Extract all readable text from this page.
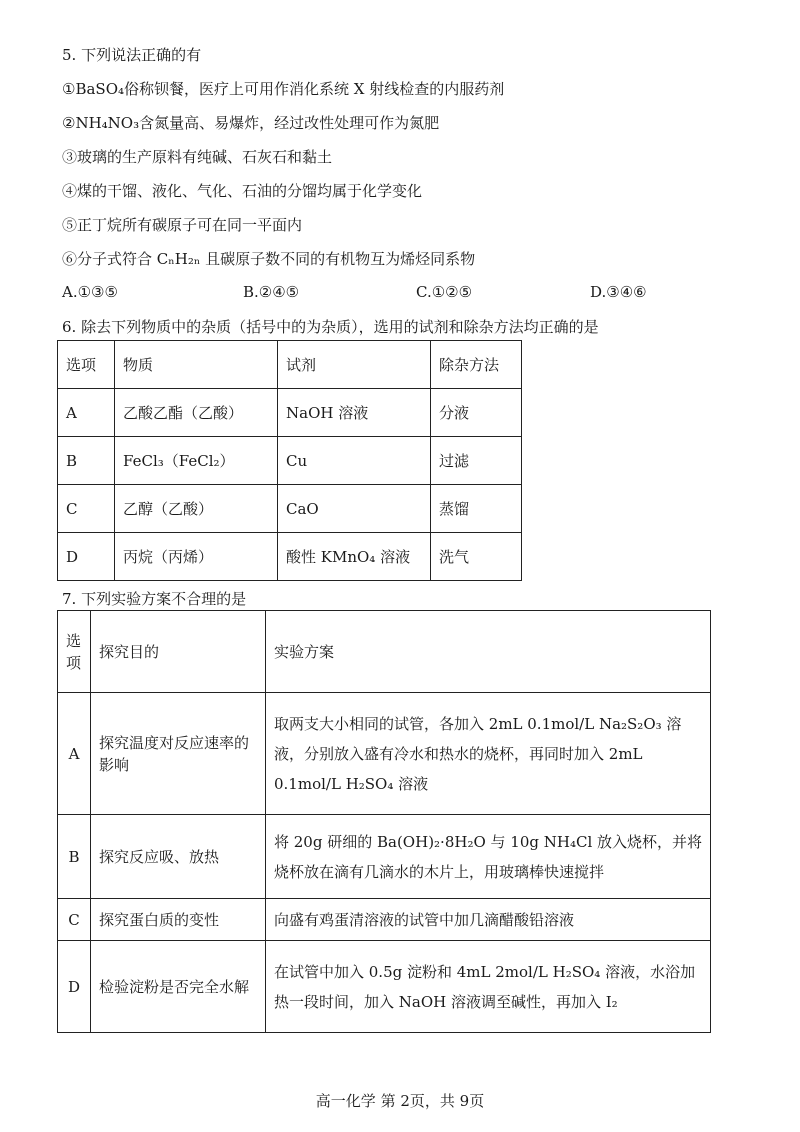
5. 下列说法正确的有
①BaSO₄俗称钡餐，医疗上可用作消化系统 X 射线检查的内服药剂
②NH₄NO₃含氮量高、易爆炸，经过改性处理可作为氮肥
③玻璃的生产原料有纯碱、石灰石和黏土
④煤的干馏、液化、气化、石油的分馏均属于化学变化
⑤正丁烷所有碳原子可在同一平面内
⑥分子式符合 CₙH₂ₙ 且碳原子数不同的有机物互为烯烃同系物
A.①③⑤	B.②④⑤	C.①②⑤	D.③④⑥
6. 除去下列物质中的杂质（括号中的为杂质），选用的试剂和除杂方法均正确的是
选项	物质	试剂	除杂方法
A	乙酸乙酯（乙酸）	NaOH 溶液	分液
B	FeCl₃（FeCl₂）	Cu	过滤
C	乙醇（乙酸）	CaO	蒸馏
D	丙烷（丙烯）	酸性 KMnO₄ 溶液	洗气
7. 下列实验方案不合理的是
选项	探究目的	实验方案
A	探究温度对反应速率的影响	取两支大小相同的试管，各加入 2mL 0.1mol/L Na₂S₂O₃ 溶液，分别放入盛有冷水和热水的烧杯，再同时加入 2mL 0.1mol/L H₂SO₄ 溶液
B	探究反应吸、放热	将 20g 研细的 Ba(OH)₂·8H₂O 与 10g NH₄Cl 放入烧杯，并将烧杯放在滴有几滴水的木片上，用玻璃棒快速搅拌
C	探究蛋白质的变性	向盛有鸡蛋清溶液的试管中加几滴醋酸铅溶液
D	检验淀粉是否完全水解	在试管中加入 0.5g 淀粉和 4mL 2mol/L H₂SO₄ 溶液，水浴加热一段时间，加入 NaOH 溶液调至碱性，再加入 I₂
高一化学 第 2页，共 9页
